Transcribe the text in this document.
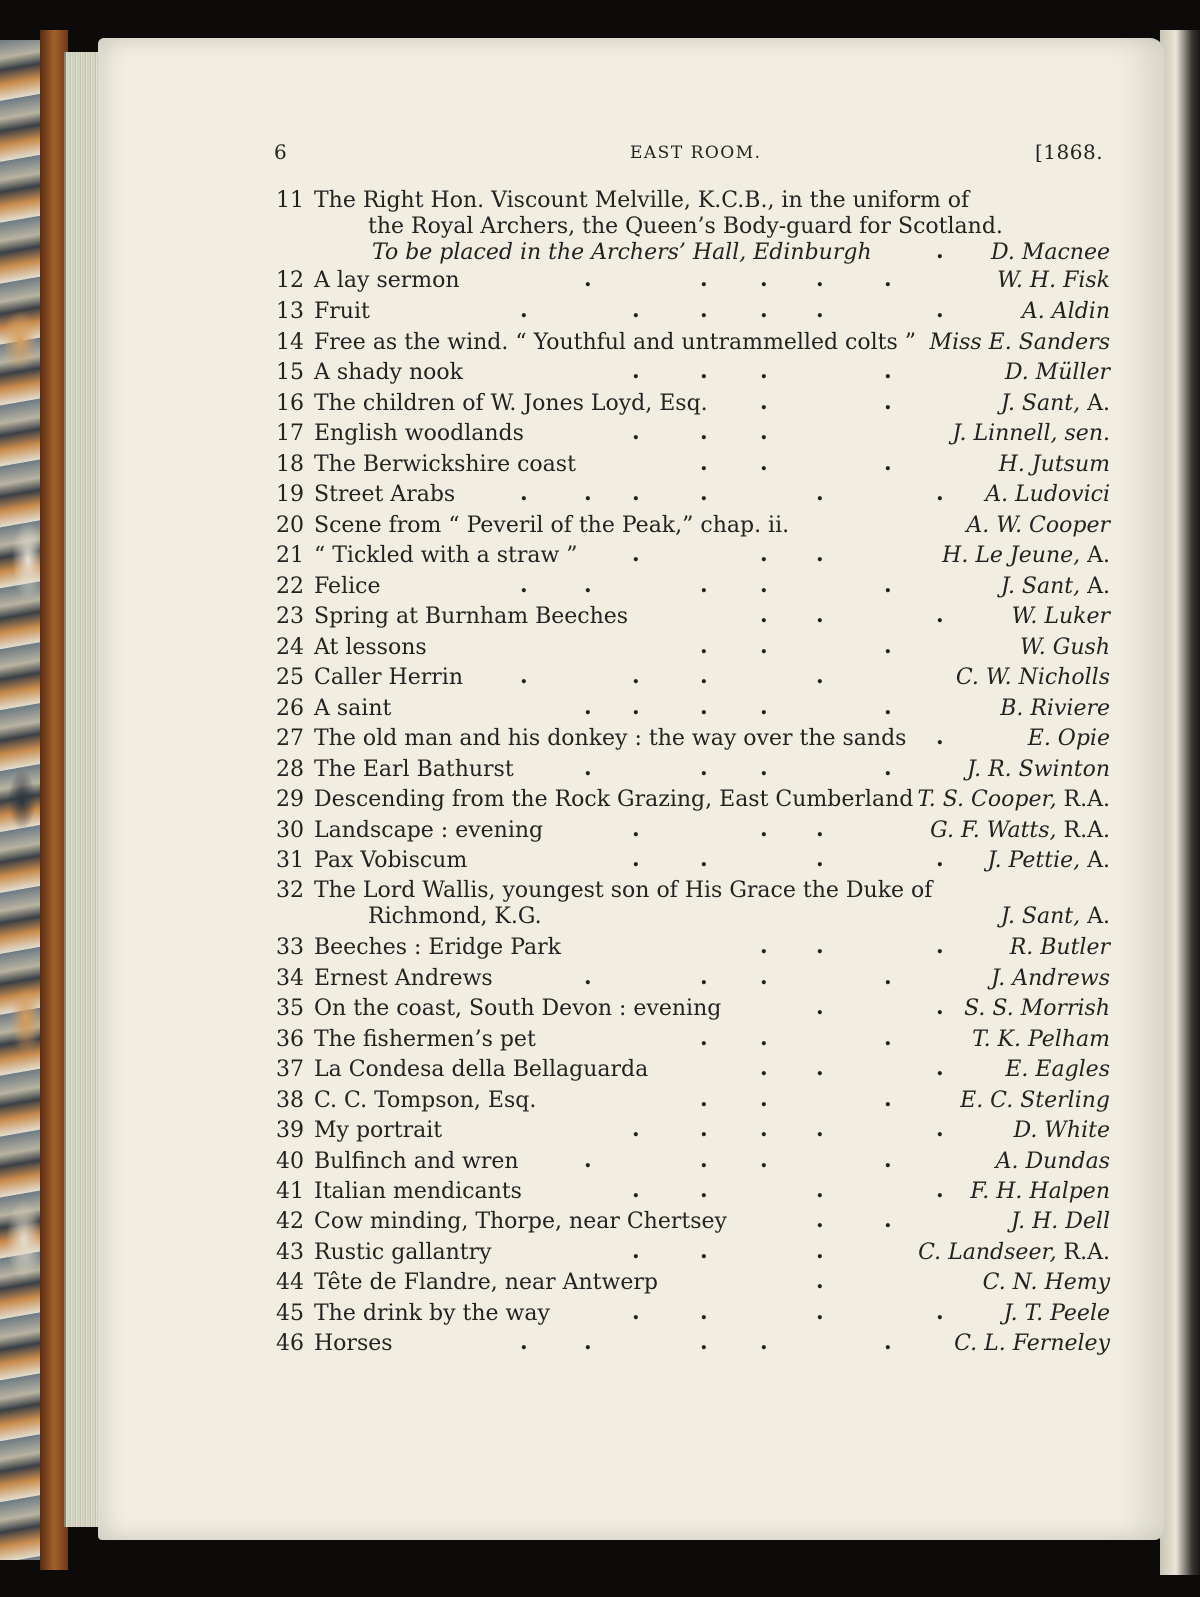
6	EAST ROOM.	[1868.
11 The Right Hon. Viscount Melville, K.C.B., in the uniform of
the Royal Archers, the Queen’s Body-guard for Scotland.
To be placed in the Archers’ Hall, Edinburgh	. D. Macnee
12 A lay sermon	.	. . .	.	W. H. Fisk
13 Fruit	.	.	. . .	.	A. Aldin
14 Free as the wind. “ Youthful and untrammelled colts ” Miss E. Sanders
15 A shady nook	.	. .	.	D. Müller
16 The children of W. Jones Loyd, Esq. .	.	J. Sant, A.
17 English woodlands	.	. .	J. Linnell, sen.
18 The Berwickshire coast	. .	.	H. Jutsum
19 Street Arabs	.	. .	.	.	. A. Ludovici
20 Scene from “ Peveril of the Peak,” chap. ii.	A. W. Cooper
21 “ Tickled with a straw ” .	. .	H. Le Jeune, A.
22 Felice	.	.	. .	.	J. Sant, A.
23 Spring at Burnham Beeches	. .	.	W. Luker
24 At lessons	. .	.	W. Gush
25 Caller Herrin	.	.	.	.	C. W. Nicholls
26 A saint	. .	. .	.	B. Riviere
27 The old man and his donkey : the way over the sands .	E. Opie
28 The Earl Bathurst	.	. .	.	J. R. Swinton
29 Descending from the Rock Grazing, East Cumberland T. S. Cooper, R.A.
30 Landscape : evening	.	. .	G. F. Watts, R.A.
31 Pax Vobiscum	.	.	.	. J. Pettie, A.
32 The Lord Wallis, youngest son of His Grace the Duke of
Richmond, K.G.	J. Sant, A.
33 Beeches : Eridge Park	. .	.	R. Butler
34 Ernest Andrews	.	. .	.	J. Andrews
35 On the coast, South Devon : evening	.	. S. S. Morrish
36 The fishermen’s pet	. .	.	T. K. Pelham
37 La Condesa della Bellaguarda	. .	.	E. Eagles
38 C. C. Tompson, Esq.	. .	.	E. C. Sterling
39 My portrait	.	. . .	.	D. White
40 Bulfinch and wren	.	. .	.	A. Dundas
41 Italian mendicants	.	.	.	. F. H. Halpen
42 Cow minding, Thorpe, near Chertsey	.	.	J. H. Dell
43 Rustic gallantry	.	.	.	C. Landseer, R.A.
44 Tête de Flandre, near Antwerp	.	C. N. Hemy
45 The drink by the way	.	.	.	.	J. T. Peele
46 Horses	.	.	. .	.	C. L. Ferneley
